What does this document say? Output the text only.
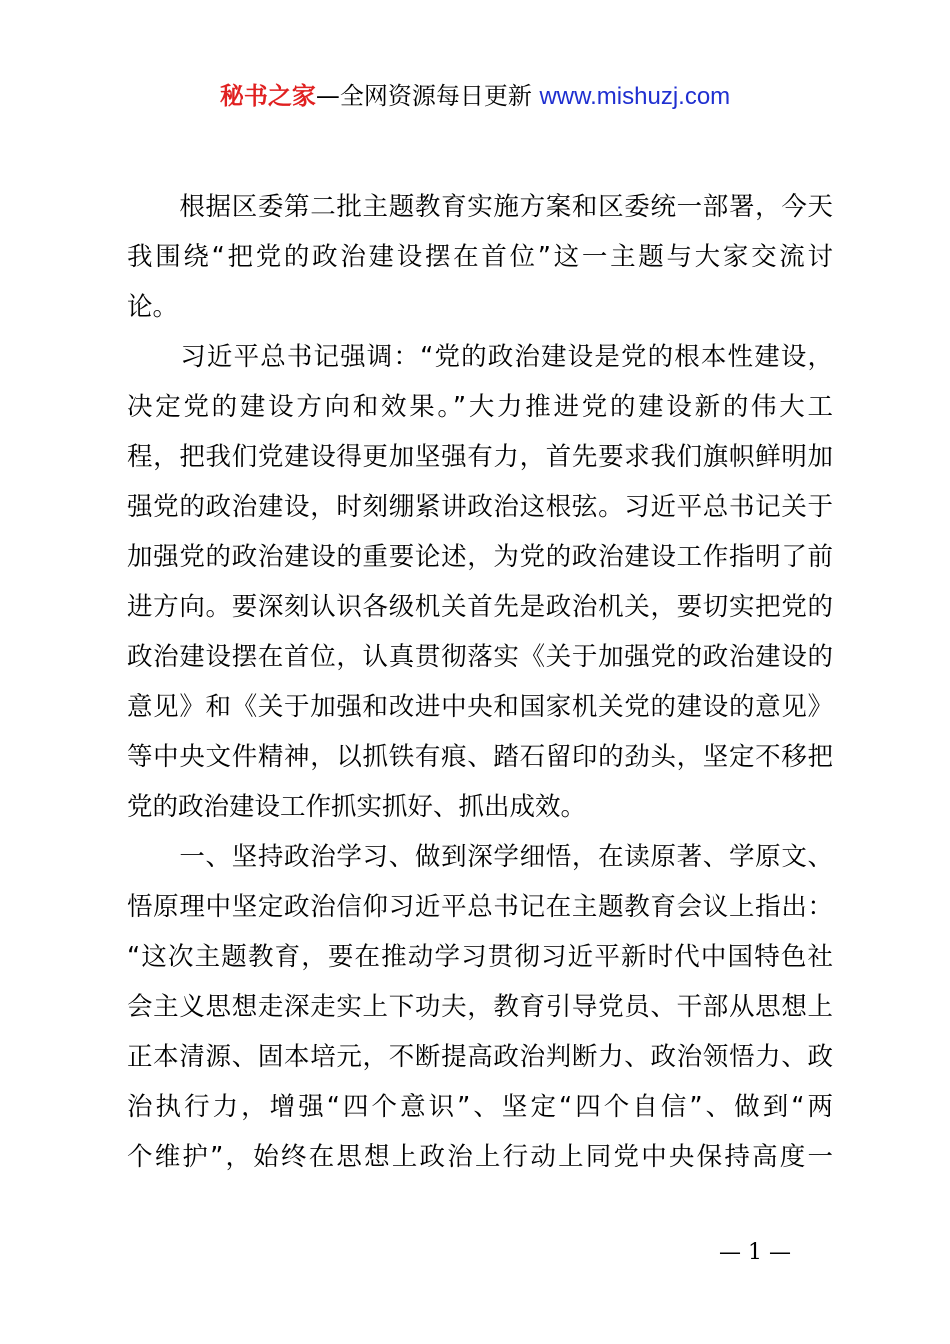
秘书之家—全网资源每日更新 www.mishuzj.com
　　根据区委第二批主题教育实施方案和区委统一部署，今天
我围绕“把党的政治建设摆在首位”这一主题与大家交流讨
论。
　　习近平总书记强调：“党的政治建设是党的根本性建设，
决定党的建设方向和效果。”大力推进党的建设新的伟大工
程，把我们党建设得更加坚强有力，首先要求我们旗帜鲜明加
强党的政治建设，时刻绷紧讲政治这根弦。习近平总书记关于
加强党的政治建设的重要论述，为党的政治建设工作指明了前
进方向。要深刻认识各级机关首先是政治机关，要切实把党的
政治建设摆在首位，认真贯彻落实《关于加强党的政治建设的
意见》和《关于加强和改进中央和国家机关党的建设的意见》
等中央文件精神，以抓铁有痕、踏石留印的劲头，坚定不移把
党的政治建设工作抓实抓好、抓出成效。
　　一、坚持政治学习、做到深学细悟，在读原著、学原文、
悟原理中坚定政治信仰习近平总书记在主题教育会议上指出：
“这次主题教育，要在推动学习贯彻习近平新时代中国特色社
会主义思想走深走实上下功夫，教育引导党员、干部从思想上
正本清源、固本培元，不断提高政治判断力、政治领悟力、政
治执行力，增强“四个意识”、坚定“四个自信”、做到“两
个维护”，始终在思想上政治上行动上同党中央保持高度一
— 1 —
